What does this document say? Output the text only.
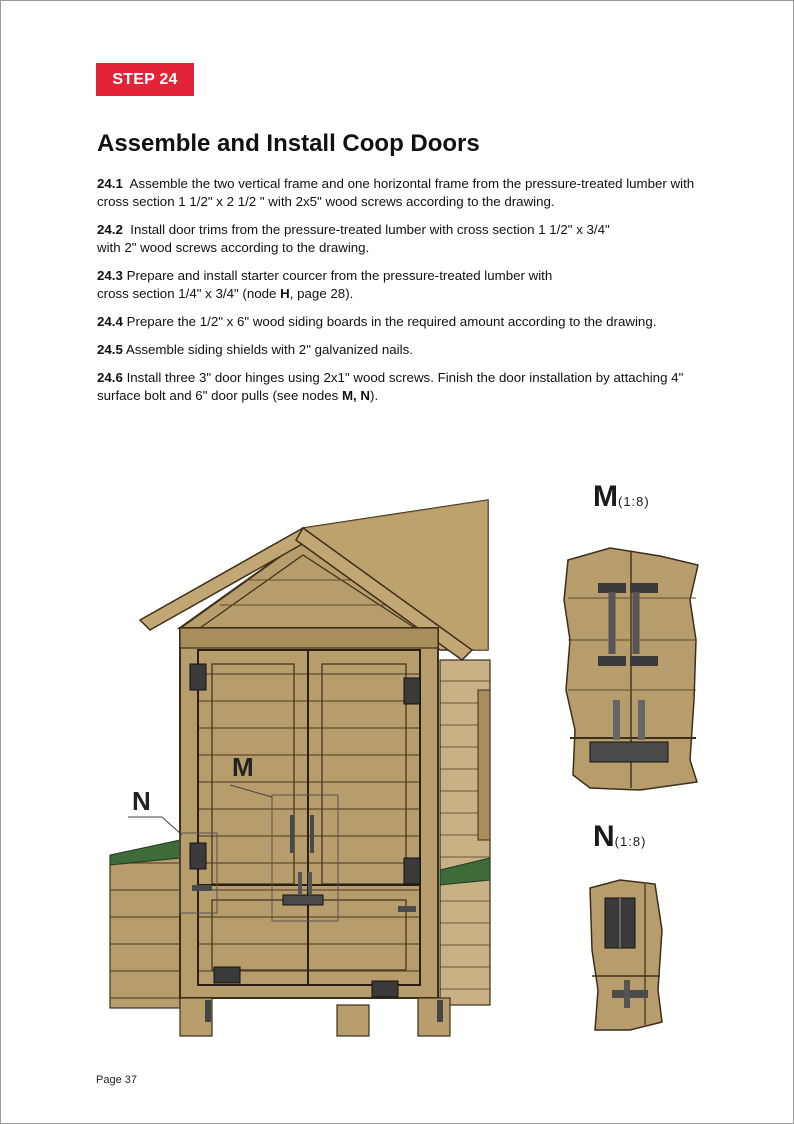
STEP 24
Assemble and Install Coop Doors

24.1 Assemble the two vertical frame and one horizontal frame from the pressure-treated lumber with
cross section 1 1/2" x 2 1/2 " with 2x5" wood screws according to the drawing.

24.2 Install door trims from the pressure-treated lumber with cross section 1 1/2" x 3/4"
with 2" wood screws according to the drawing.

24.3 Prepare and install starter courcer from the pressure-treated lumber with
cross section 1/4" x 3/4" (node H, page 28).

24.4 Prepare the 1/2" x 6" wood siding boards in the required amount according to the drawing.

24.5 Assemble siding shields with 2" galvanized nails.

24.6 Install three 3" door hinges using 2x1" wood screws. Finish the door installation by attaching 4"
surface bolt and 6" door pulls (see nodes M, N).

M
N
M(1:8)
N(1:8)
Page 37
